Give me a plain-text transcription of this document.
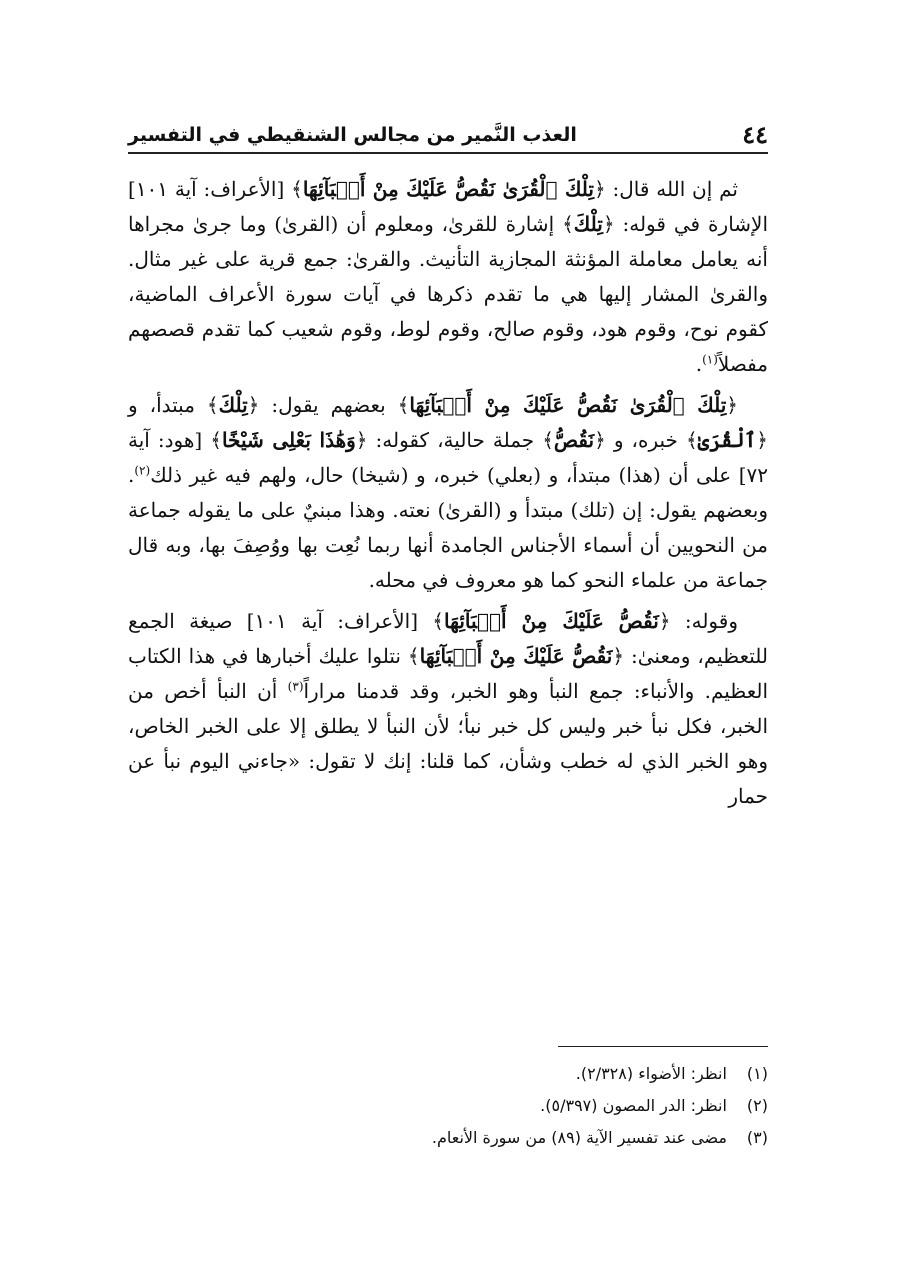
٤٤
العذب النَّمير من مجالس الشنقيطي في التفسير

ثم إن الله قال: ﴿تِلْكَ ٱلْقُرَىٰ نَقُصُّ عَلَيْكَ مِنْ أَنۢبَآئِهَا﴾ [الأعراف: آية ١٠١] الإشارة في قوله: ﴿تِلْكَ﴾ إشارة للقرىٰ، ومعلوم أن (القرىٰ) وما جرىٰ مجراها أنه يعامل معاملة المؤنثة المجازية التأنيث. والقرىٰ: جمع قرية على غير مثال. والقرىٰ المشار إليها هي ما تقدم ذكرها في آيات سورة الأعراف الماضية، كقوم نوح، وقوم هود، وقوم صالح، وقوم لوط، وقوم شعيب كما تقدم قصصهم مفصلاً$^{(١)}$.

﴿تِلْكَ ٱلْقُرَىٰ نَقُصُّ عَلَيْكَ مِنْ أَنۢبَآئِهَا﴾ بعضهم يقول: ﴿تِلْكَ﴾ مبتدأ، و ﴿ٱلْقُرَىٰ﴾ خبره، و ﴿نَقُصُّ﴾ جملة حالية، كقوله: ﴿وَهَٰذَا بَعْلِى شَيْخًا﴾ [هود: آية ٧٢] على أن (هذا) مبتدأ، و (بعلي) خبره، و (شيخا) حال، ولهم فيه غير ذلك$^{(٢)}$. وبعضهم يقول: إن (تلك) مبتدأ و (القرىٰ) نعته. وهذا مبنيٌ على ما يقوله جماعة من النحويين أن أسماء الأجناس الجامدة أنها ربما نُعِت بها ووُصِفَ بها، وبه قال جماعة من علماء النحو كما هو معروف في محله.

وقوله: ﴿نَقُصُّ عَلَيْكَ مِنْ أَنۢبَآئِهَا﴾ [الأعراف: آية ١٠١] صيغة الجمع للتعظيم، ومعنىٰ: ﴿نَقُصُّ عَلَيْكَ مِنْ أَنۢبَآئِهَا﴾ نتلوا عليك أخبارها في هذا الكتاب العظيم. والأنباء: جمع النبأ وهو الخبر، وقد قدمنا مراراً$^{(٣)}$ أن النبأ أخص من الخبر، فكل نبأ خبر وليس كل خبر نبأ؛ لأن النبأ لا يطلق إلا على الخبر الخاص، وهو الخبر الذي له خطب وشأن، كما قلنا: إنك لا تقول: «جاءني اليوم نبأ عن حمار

(١) انظر: الأضواء (٢/٣٢٨).

(٢) انظر: الدر المصون (٥/٣٩٧).

(٣) مضى عند تفسير الآية (٨٩) من سورة الأنعام.
